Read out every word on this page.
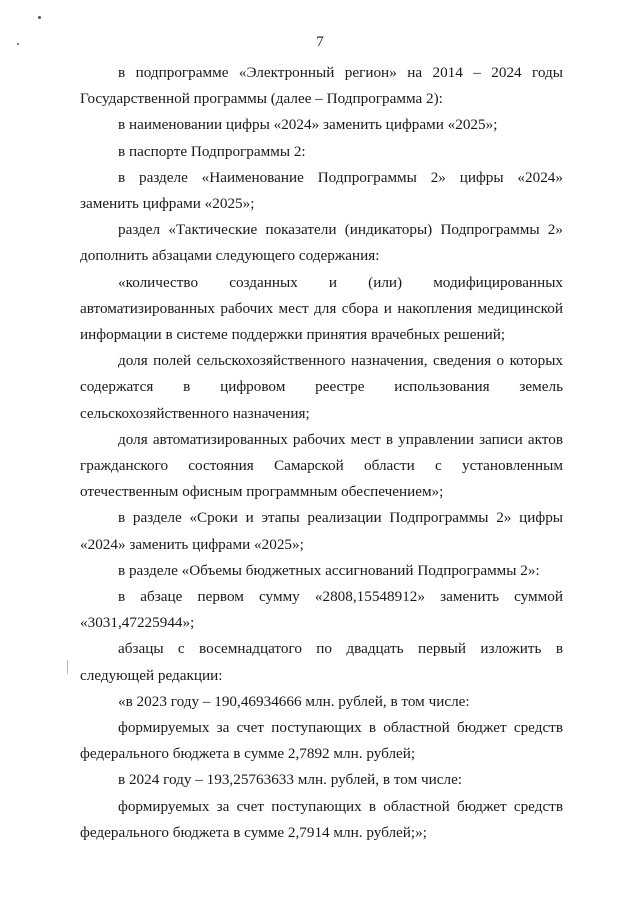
7

в подпрограмме «Электронный регион» на 2014 – 2024 годы Государственной программы (далее – Подпрограмма 2):

в наименовании цифры «2024» заменить цифрами «2025»;

в паспорте Подпрограммы 2:

в разделе «Наименование Подпрограммы 2» цифры «2024» заменить цифрами «2025»;

раздел «Тактические показатели (индикаторы) Подпрограммы 2» дополнить абзацами следующего содержания:

«количество созданных и (или) модифицированных автоматизированных рабочих мест для сбора и накопления медицинской информации в системе поддержки принятия врачебных решений;

доля полей сельскохозяйственного назначения, сведения о которых содержатся в цифровом реестре использования земель сельскохозяйственного назначения;

доля автоматизированных рабочих мест в управлении записи актов гражданского состояния Самарской области с установленным отечественным офисным программным обеспечением»;

в разделе «Сроки и этапы реализации Подпрограммы 2» цифры «2024» заменить цифрами «2025»;

в разделе «Объемы бюджетных ассигнований Подпрограммы 2»:

в абзаце первом сумму «2808,15548912» заменить суммой «3031,47225944»;

абзацы с восемнадцатого по двадцать первый изложить в следующей редакции:

«в 2023 году – 190,46934666 млн. рублей, в том числе:

формируемых за счет поступающих в областной бюджет средств федерального бюджета в сумме 2,7892 млн. рублей;

в 2024 году – 193,25763633 млн. рублей, в том числе:

формируемых за счет поступающих в областной бюджет средств федерального бюджета в сумме 2,7914 млн. рублей;»;
